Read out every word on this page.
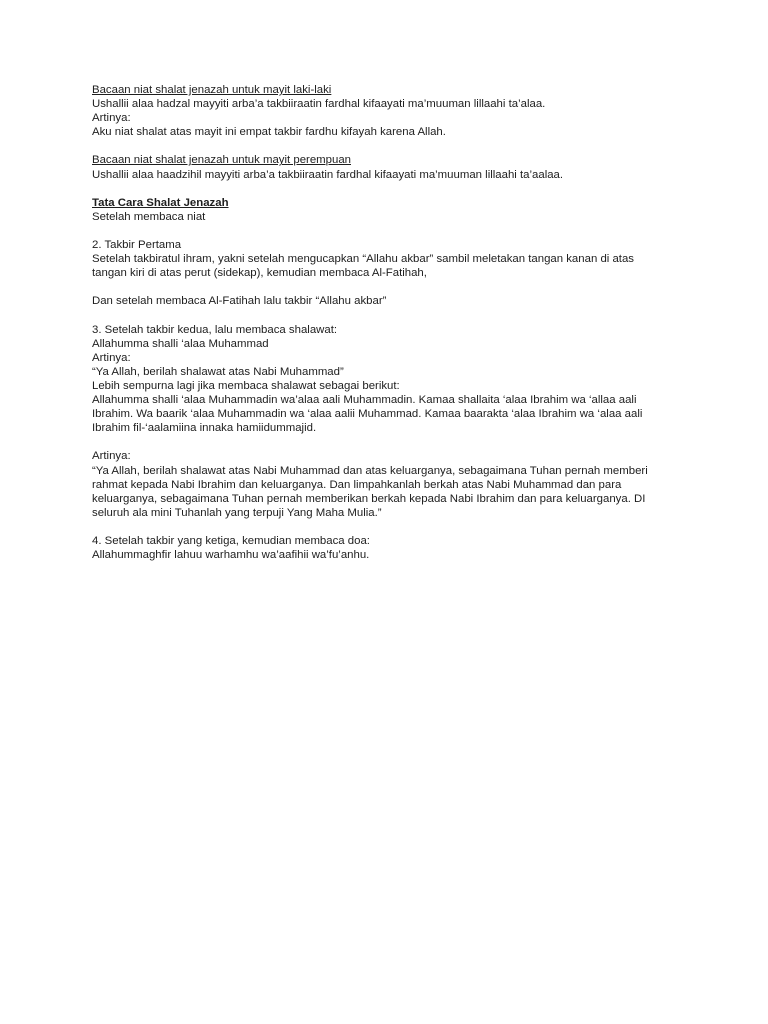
Bacaan niat shalat jenazah untuk mayit laki-laki
Ushallii alaa hadzal mayyiti arba’a takbiiraatin fardhal kifaayati ma’muuman lillaahi ta’alaa.
Artinya:
Aku niat shalat atas mayit ini empat takbir fardhu kifayah karena Allah.
Bacaan niat shalat jenazah untuk mayit perempuan
Ushallii alaa haadzihil mayyiti arba’a takbiiraatin fardhal kifaayati ma’muuman lillaahi ta’aalaa.
Tata Cara Shalat Jenazah
Setelah membaca niat
2. Takbir Pertama
Setelah takbiratul ihram, yakni setelah mengucapkan “Allahu akbar” sambil meletakan tangan kanan di atas
tangan kiri di atas perut (sidekap), kemudian membaca Al-Fatihah,
Dan setelah membaca Al-Fatihah lalu takbir “Allahu akbar”
3. Setelah takbir kedua, lalu membaca shalawat:
Allahumma shalli ‘alaa Muhammad
Artinya:
“Ya Allah, berilah shalawat atas Nabi Muhammad”
Lebih sempurna lagi jika membaca shalawat sebagai berikut:
Allahumma shalli ‘alaa Muhammadin wa’alaa aali Muhammadin. Kamaa shallaita ‘alaa Ibrahim wa ‘allaa aali
Ibrahim. Wa baarik ‘alaa Muhammadin wa ‘alaa aalii Muhammad. Kamaa baarakta ‘alaa Ibrahim wa ‘alaa aali
Ibrahim fil-‘aalamiina innaka hamiidummajid.
Artinya:
“Ya Allah, berilah shalawat atas Nabi Muhammad dan atas keluarganya, sebagaimana Tuhan pernah memberi
rahmat kepada Nabi Ibrahim dan keluarganya. Dan limpahkanlah berkah atas Nabi Muhammad dan para
keluarganya, sebagaimana Tuhan pernah memberikan berkah kepada Nabi Ibrahim dan para keluarganya. DI
seluruh ala mini Tuhanlah yang terpuji Yang Maha Mulia.”
4. Setelah takbir yang ketiga, kemudian membaca doa:
Allahummaghfir lahuu warhamhu wa’aafihii wa’fu’anhu.
